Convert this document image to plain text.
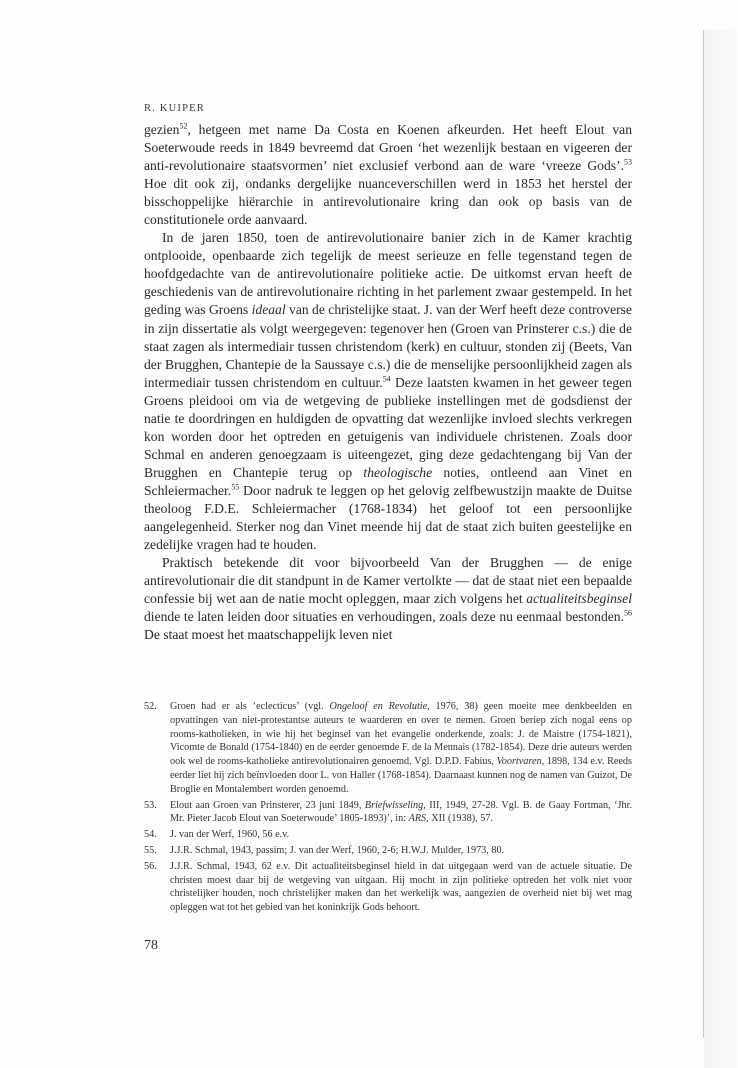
R. KUIPER

gezien$^{52}$, hetgeen met name Da Costa en Koenen afkeurden. Het heeft Elout van Soeterwoude reeds in 1849 bevreemd dat Groen ‘het wezenlijk bestaan en vigeeren der anti-revolutionaire staatsvormen’ niet exclusief verbond aan de ware ‘vreeze Gods’.$^{53}$ Hoe dit ook zij, ondanks dergelijke nuanceverschillen werd in 1853 het herstel der bisschoppelijke hiërarchie in antirevolutionaire kring dan ook op basis van de constitutionele orde aanvaard.

In de jaren 1850, toen de antirevolutionaire banier zich in de Kamer krachtig ontplooide, openbaarde zich tegelijk de meest serieuze en felle tegenstand tegen de hoofdgedachte van de antirevolutionaire politieke actie. De uitkomst ervan heeft de geschiedenis van de antirevolutionaire richting in het parlement zwaar gestempeld. In het geding was Groens ideaal van de christelijke staat. J. van der Werf heeft deze controverse in zijn dissertatie als volgt weergegeven: tegenover hen (Groen van Prinsterer c.s.) die de staat zagen als intermediair tussen christendom (kerk) en cultuur, stonden zij (Beets, Van der Brugghen, Chantepie de la Saussaye c.s.) die de menselijke persoonlijkheid zagen als intermediair tussen christendom en cultuur.$^{54}$ Deze laatsten kwamen in het geweer tegen Groens pleidooi om via de wetgeving de publieke instellingen met de godsdienst der natie te doordringen en huldigden de opvatting dat wezenlijke invloed slechts verkregen kon worden door het optreden en getuigenis van individuele christenen. Zoals door Schmal en anderen genoegzaam is uiteengezet, ging deze gedachtengang bij Van der Brugghen en Chantepie terug op theologische noties, ontleend aan Vinet en Schleiermacher.$^{55}$ Door nadruk te leggen op het gelovig zelfbewustzijn maakte de Duitse theoloog F.D.E. Schleiermacher (1768-1834) het geloof tot een persoonlijke aangelegenheid. Sterker nog dan Vinet meende hij dat de staat zich buiten geestelijke en zedelijke vragen had te houden.

Praktisch betekende dit voor bijvoorbeeld Van der Brugghen — de enige antirevolutionair die dit standpunt in de Kamer vertolkte — dat de staat niet een bepaalde confessie bij wet aan de natie mocht opleggen, maar zich volgens het actualiteitsbeginsel diende te laten leiden door situaties en verhoudingen, zoals deze nu eenmaal bestonden.$^{56}$ De staat moest het maatschappelijk leven niet

52.	Groen had er als ‘eclecticus’ (vgl. Ongeloof en Revolutie, 1976, 38) geen moeite mee denkbeelden en opvattingen van niet-protestantse auteurs te waarderen en over te nemen. Groen beriep zich nogal eens op rooms-katholieken, in wie hij het beginsel van het evangelie onderkende, zoals: J. de Maistre (1754-1821), Vicomte de Bonald (1754-1840) en de eerder genoemde F. de la Mennais (1782-1854). Deze drie auteurs werden ook wel de rooms-katholieke antirevolutionairen genoemd. Vgl. D.P.D. Fabius, Voortvaren, 1898, 134 e.v. Reeds eerder liet hij zich beïnvloeden door L. von Haller (1768-1854). Daarnaast kunnen nog de namen van Guizot, De Broglie en Montalembert worden genoemd.
53.	Elout aan Groen van Prinsterer, 23 juni 1849, Briefwisseling, III, 1949, 27-28. Vgl. B. de Gaay Fortman, ‘Jhr. Mr. Pieter Jacob Elout van Soeterwoude’ 1805-1893)’, in: ARS, XII (1938), 57.
54.	J. van der Werf, 1960, 56 e.v.
55.	J.J.R. Schmal, 1943, passim; J. van der Werf, 1960, 2-6; H.W.J. Mulder, 1973, 80.
56.	J.J.R. Schmal, 1943, 62 e.v. Dit actualiteitsbeginsel hield in dat uitgegaan werd van de actuele situatie. De christen moest daar bij de wetgeving van uitgaan. Hij mocht in zijn politieke optreden het volk niet voor christelijker houden, noch christelijker maken dan het werkelijk was, aangezien de overheid niet bij wet mag opleggen wat tot het gebied van het koninkrijk Gods behoort.
78
